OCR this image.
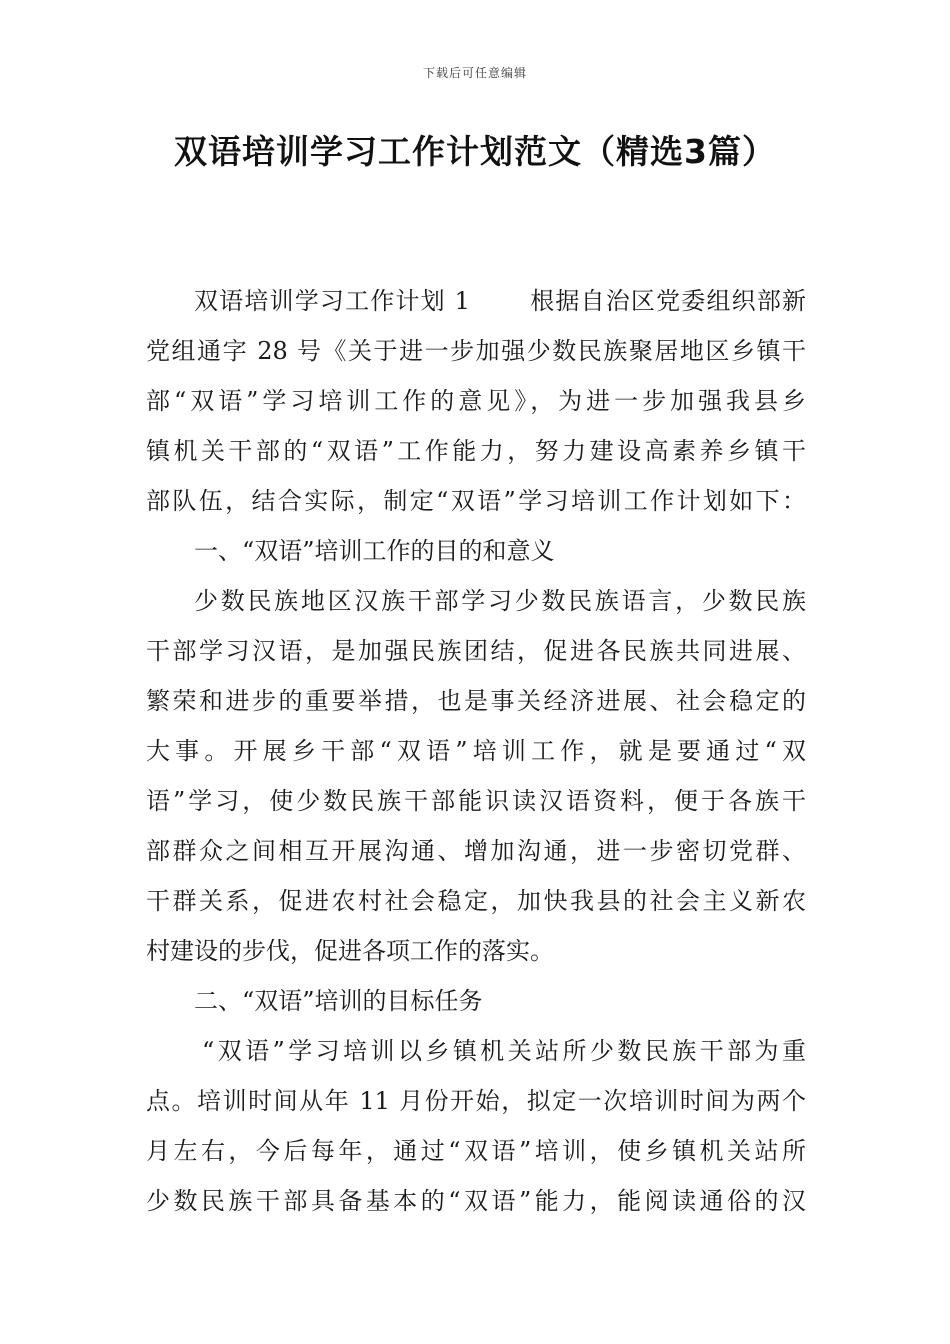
下载后可任意编辑
双语培训学习工作计划范文（精选3篇）
双语培训学习工作计划 1　　 根据自治区党委组织部新
党组通字 28 号《关于进一步加强少数民族聚居地区乡镇干
部“双语”学习培训工作的意见》，为进一步加强我县乡
镇机关干部的“双语”工作能力，努力建设高素养乡镇干
部队伍，结合实际，制定“双语”学习培训工作计划如下：
一、“双语”培训工作的目的和意义
少数民族地区汉族干部学习少数民族语言，少数民族
干部学习汉语，是加强民族团结，促进各民族共同进展、
繁荣和进步的重要举措，也是事关经济进展、社会稳定的
大事。开展乡干部“双语”培训工作，就是要通过“双
语”学习，使少数民族干部能识读汉语资料，便于各族干
部群众之间相互开展沟通、增加沟通，进一步密切党群、
干群关系，促进农村社会稳定，加快我县的社会主义新农
村建设的步伐，促进各项工作的落实。
二、“双语”培训的目标任务
“双语”学习培训以乡镇机关站所少数民族干部为重
点。培训时间从年 11 月份开始，拟定一次培训时间为两个
月左右，今后每年，通过“双语”培训，使乡镇机关站所
少数民族干部具备基本的“双语”能力，能阅读通俗的汉
